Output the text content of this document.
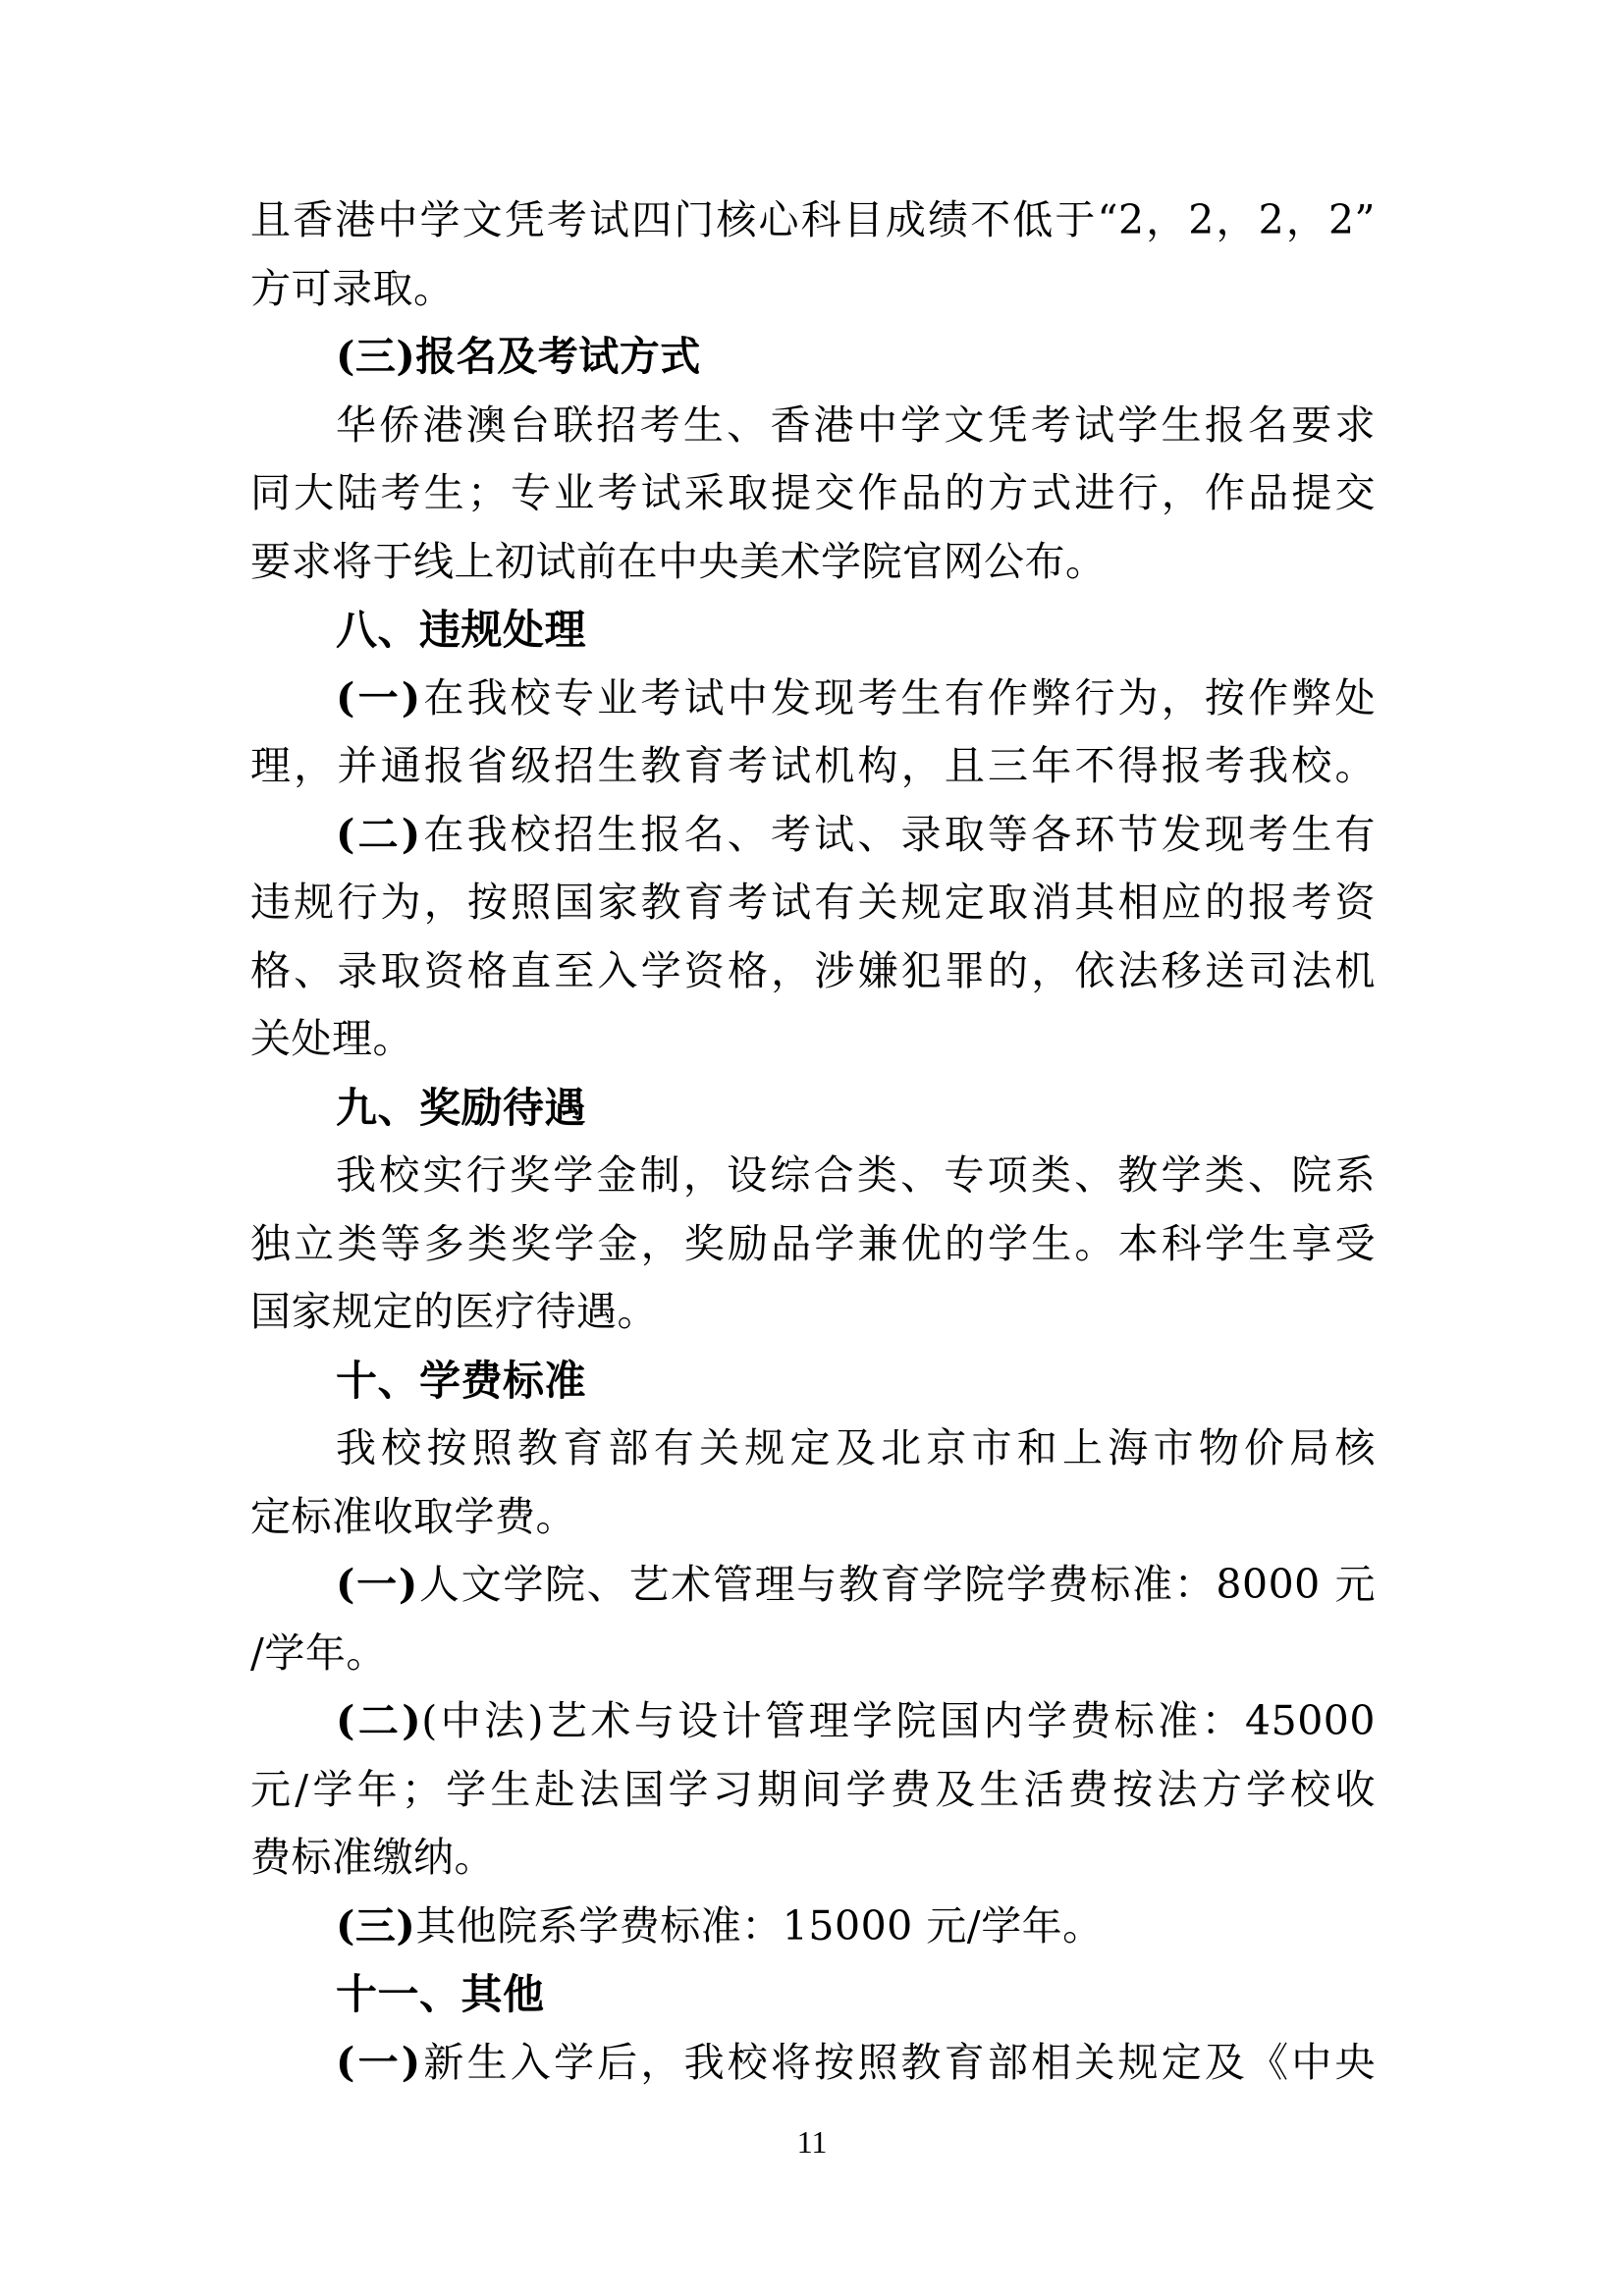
且香港中学文凭考试四门核心科目成绩不低于“2，2，2，2”
方可录取。
(三)报名及考试方式
华侨港澳台联招考生、香港中学文凭考试学生报名要求
同大陆考生；专业考试采取提交作品的方式进行，作品提交
要求将于线上初试前在中央美术学院官网公布。
八、违规处理
(一)在我校专业考试中发现考生有作弊行为，按作弊处
理，并通报省级招生教育考试机构，且三年不得报考我校。
(二)在我校招生报名、考试、录取等各环节发现考生有
违规行为，按照国家教育考试有关规定取消其相应的报考资
格、录取资格直至入学资格，涉嫌犯罪的，依法移送司法机
关处理。
九、奖励待遇
我校实行奖学金制，设综合类、专项类、教学类、院系
独立类等多类奖学金，奖励品学兼优的学生。本科学生享受
国家规定的医疗待遇。
十、学费标准
我校按照教育部有关规定及北京市和上海市物价局核
定标准收取学费。
(一)人文学院、艺术管理与教育学院学费标准：8000 元
/学年。
(二)(中法)艺术与设计管理学院国内学费标准：45000
元/学年；学生赴法国学习期间学费及生活费按法方学校收
费标准缴纳。
(三)其他院系学费标准：15000 元/学年。
十一、其他
(一)新生入学后，我校将按照教育部相关规定及《中央
11
